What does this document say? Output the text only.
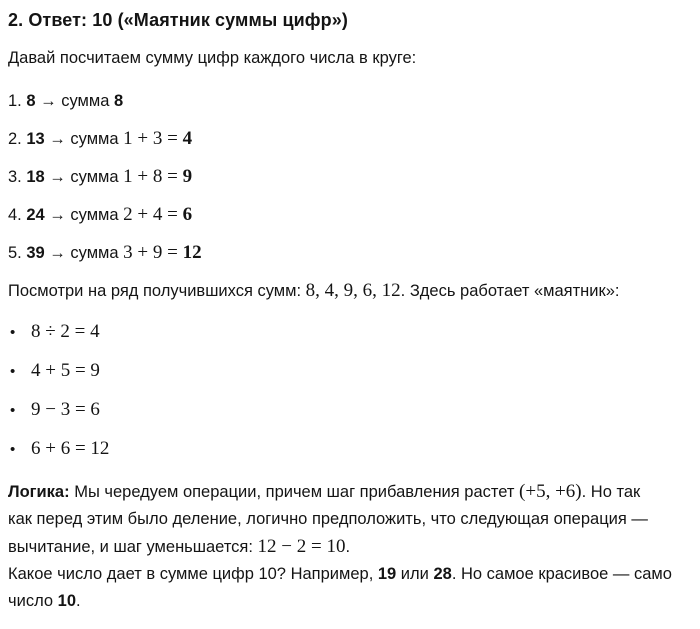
2. Ответ: 10 («Маятник суммы цифр»)

Давай посчитаем сумму цифр каждого числа в круге:

1. 8 → сумма 8
2. 13 → сумма 1 + 3 = 4
3. 18 → сумма 1 + 8 = 9
4. 24 → сумма 2 + 4 = 6
5. 39 → сумма 3 + 9 = 12

Посмотри на ряд получившихся сумм: 8, 4, 9, 6, 12. Здесь работает «маятник»:

• 8 ÷ 2 = 4
• 4 + 5 = 9
• 9 − 3 = 6
• 6 + 6 = 12
Логика: Мы чередуем операции, причем шаг прибавления растет (+5, +6). Но так
как перед этим было деление, логично предположить, что следующая операция —
вычитание, и шаг уменьшается: 12 − 2 = 10.
Какое число дает в сумме цифр 10? Например, 19 или 28. Но самое красивое — само
число 10.
